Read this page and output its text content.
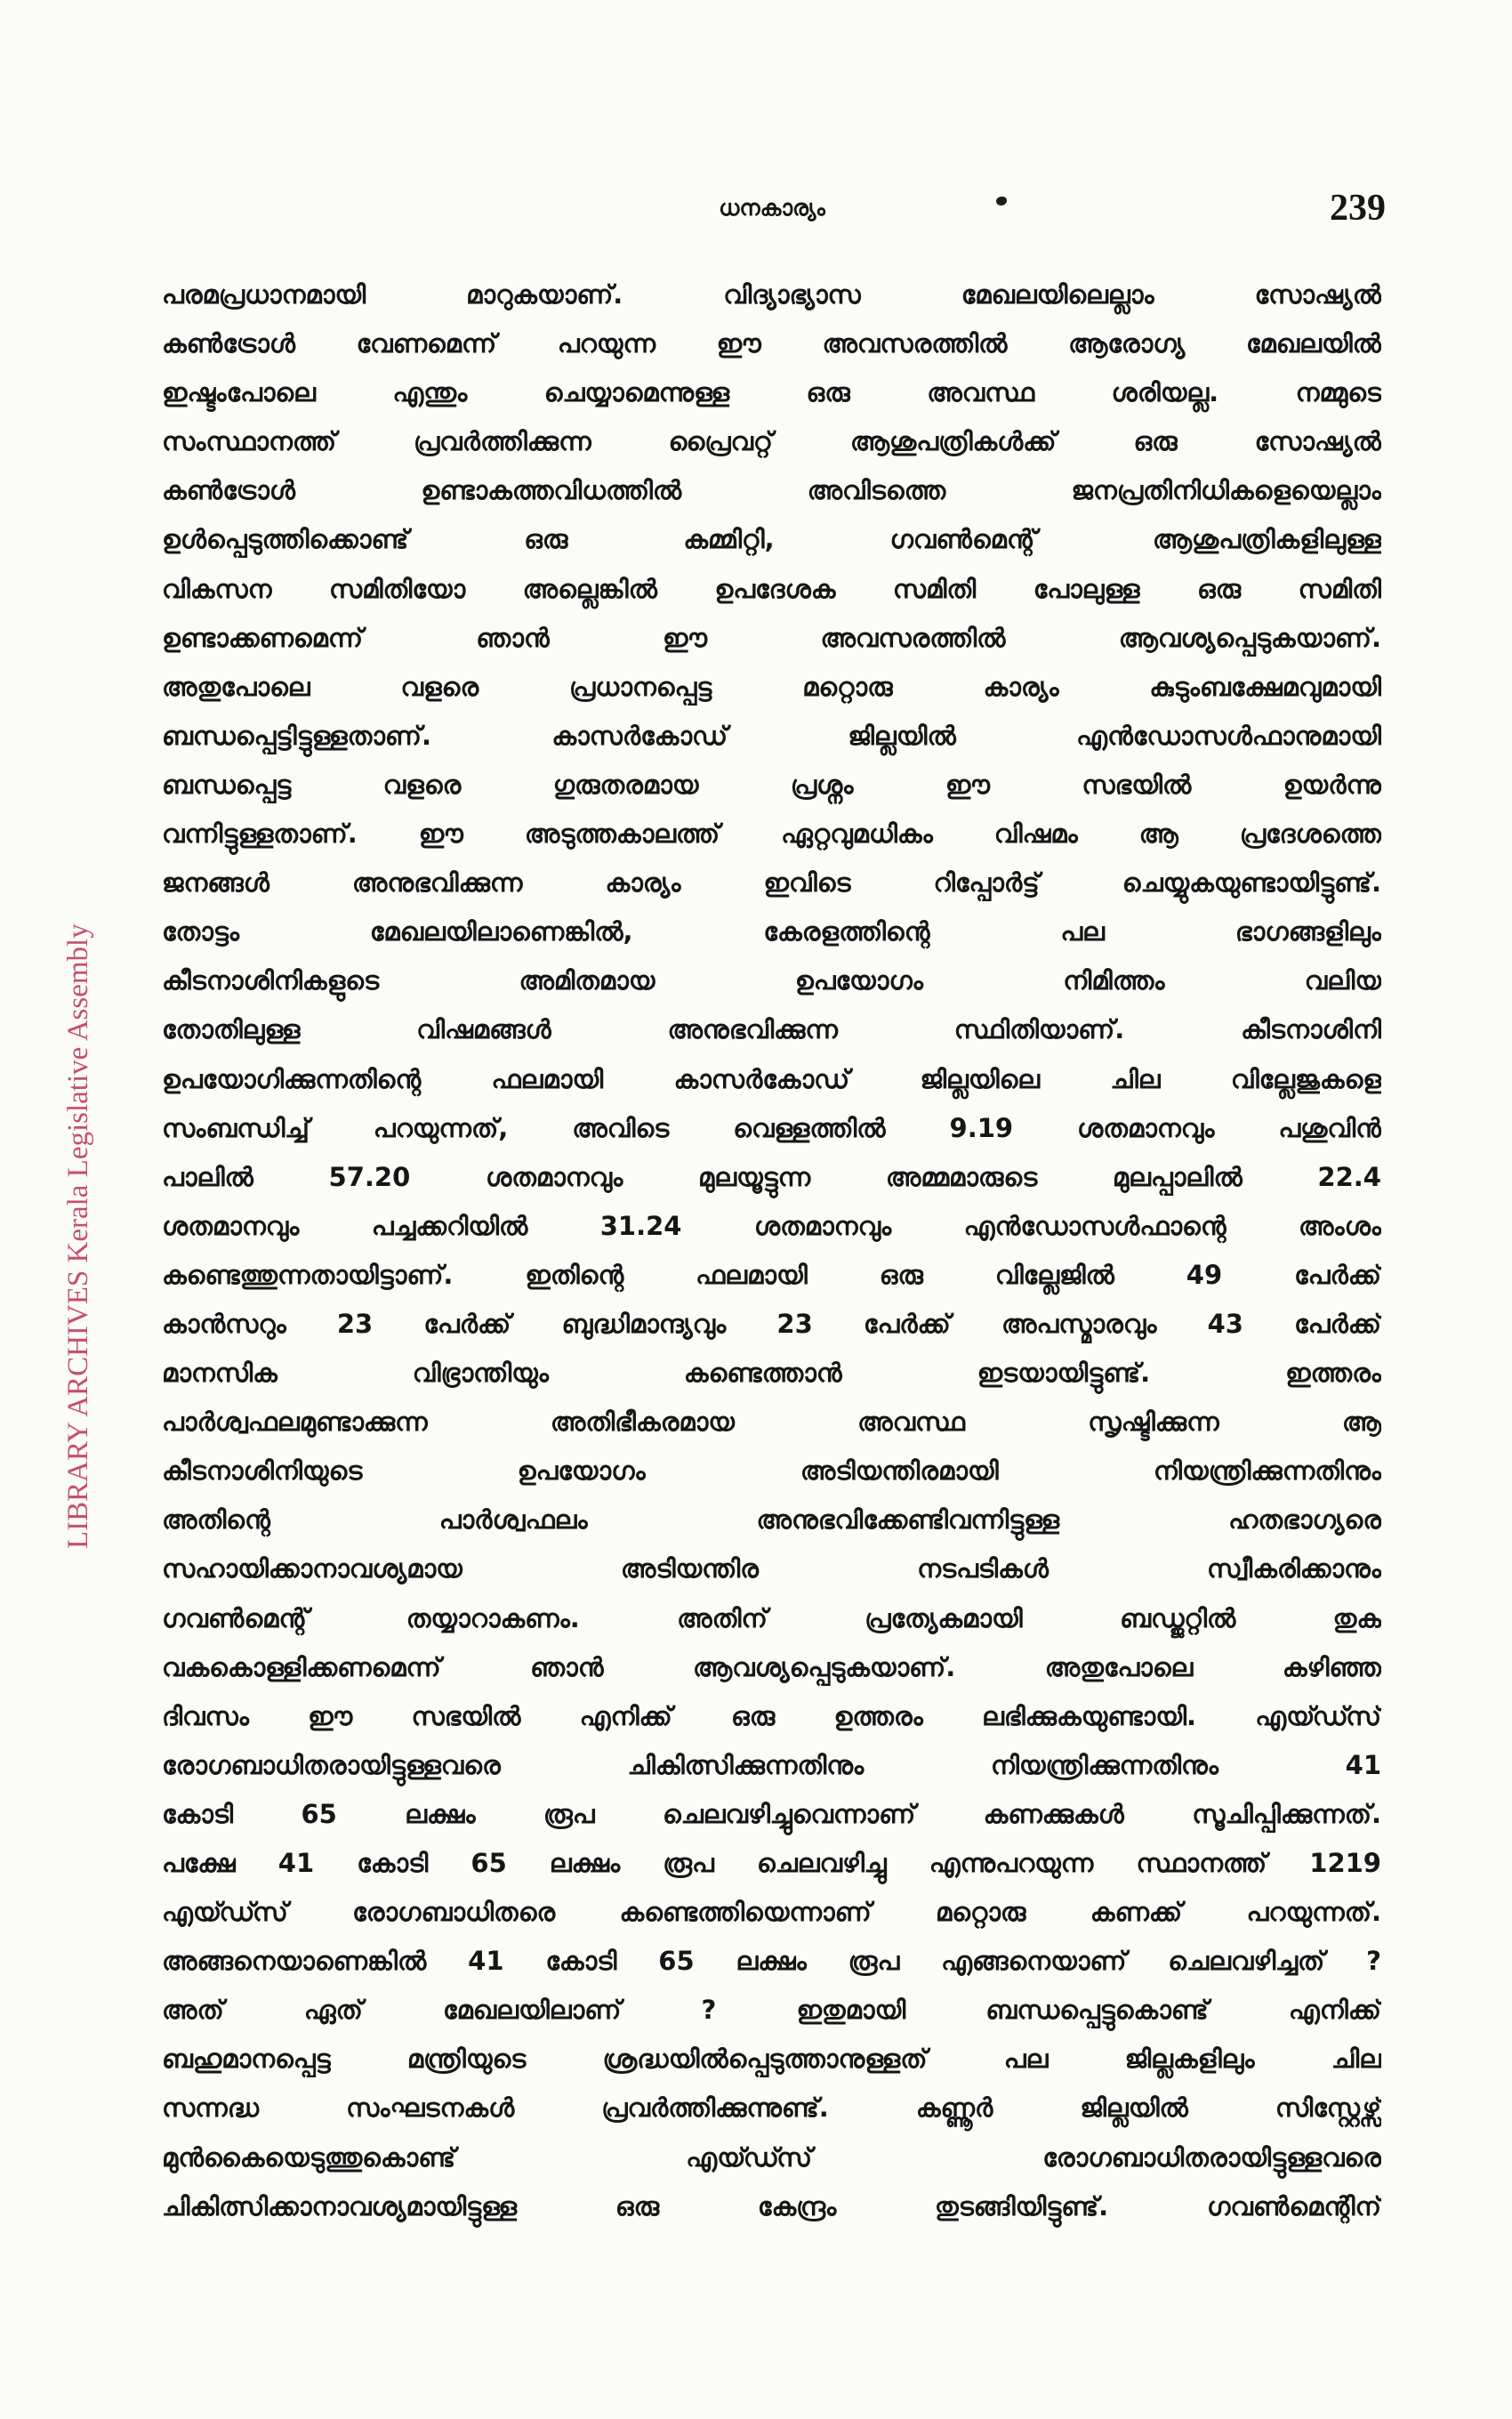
ധനകാര്യം	239
LIBRARY ARCHIVES Kerala Legislative Assembly
പരമപ്രധാനമായി മാറുകയാണ്. വിദ്യാഭ്യാസ മേഖലയിലെല്ലാം സോഷ്യൽ
കൺട്രോൾ വേണമെന്ന് പറയുന്ന ഈ അവസരത്തിൽ ആരോഗ്യ മേഖലയിൽ
ഇഷ്ടംപോലെ എന്തും ചെയ്യാമെന്നുള്ള ഒരു അവസ്ഥ ശരിയല്ല. നമ്മുടെ
സംസ്ഥാനത്ത് പ്രവർത്തിക്കുന്ന പ്രൈവറ്റ് ആശുപത്രികൾക്ക് ഒരു സോഷ്യൽ
കൺട്രോൾ ഉണ്ടാകത്തവിധത്തിൽ അവിടത്തെ ജനപ്രതിനിധികളെയെല്ലാം
ഉൾപ്പെടുത്തിക്കൊണ്ട് ഒരു കമ്മിറ്റി, ഗവൺമെന്റ് ആശുപത്രികളിലുള്ള
വികസന സമിതിയോ അല്ലെങ്കിൽ ഉപദേശക സമിതി പോലുള്ള ഒരു സമിതി
ഉണ്ടാക്കണമെന്ന് ഞാൻ ഈ അവസരത്തിൽ ആവശ്യപ്പെടുകയാണ്.
അതുപോലെ വളരെ പ്രധാനപ്പെട്ട മറ്റൊരു കാര്യം കുടുംബക്ഷേമവുമായി
ബന്ധപ്പെട്ടിട്ടുള്ളതാണ്. കാസർകോഡ് ജില്ലയിൽ എൻഡോസൾഫാനുമായി
ബന്ധപ്പെട്ട വളരെ ഗുരുതരമായ പ്രശ്നം ഈ സഭയിൽ ഉയർന്നു
വന്നിട്ടുള്ളതാണ്. ഈ അടുത്തകാലത്ത് ഏറ്റവുമധികം വിഷമം ആ പ്രദേശത്തെ
ജനങ്ങൾ അനുഭവിക്കുന്ന കാര്യം ഇവിടെ റിപ്പോർട്ട് ചെയ്യുകയുണ്ടായിട്ടുണ്ട്.
തോട്ടം മേഖലയിലാണെങ്കിൽ, കേരളത്തിന്റെ പല ഭാഗങ്ങളിലും
കീടനാശിനികളുടെ അമിതമായ ഉപയോഗം നിമിത്തം വലിയ
തോതിലുള്ള വിഷമങ്ങൾ അനുഭവിക്കുന്ന സ്ഥിതിയാണ്. കീടനാശിനി
ഉപയോഗിക്കുന്നതിന്റെ ഫലമായി കാസർകോഡ് ജില്ലയിലെ ചില വില്ലേജുകളെ
സംബന്ധിച്ച് പറയുന്നത്, അവിടെ വെള്ളത്തിൽ 9.19 ശതമാനവും പശുവിൻ
പാലിൽ 57.20 ശതമാനവും മുലയൂട്ടുന്ന അമ്മമാരുടെ മുലപ്പാലിൽ 22.4
ശതമാനവും പച്ചക്കറിയിൽ 31.24 ശതമാനവും എൻഡോസൾഫാന്റെ അംശം
കണ്ടെത്തുന്നതായിട്ടാണ്. ഇതിന്റെ ഫലമായി ഒരു വില്ലേജിൽ 49 പേർക്ക്
കാൻസറും 23 പേർക്ക് ബുദ്ധിമാന്ദ്യവും 23 പേർക്ക് അപസ്മാരവും 43 പേർക്ക്
മാനസിക വിഭ്രാന്തിയും കണ്ടെത്താൻ ഇടയായിട്ടുണ്ട്. ഇത്തരം
പാർശ്വഫലമുണ്ടാക്കുന്ന അതിഭീകരമായ അവസ്ഥ സൃഷ്ടിക്കുന്ന ആ
കീടനാശിനിയുടെ ഉപയോഗം അടിയന്തിരമായി നിയന്ത്രിക്കുന്നതിനും
അതിന്റെ പാർശ്വഫലം അനുഭവിക്കേണ്ടിവന്നിട്ടുള്ള ഹതഭാഗ്യരെ
സഹായിക്കാനാവശ്യമായ അടിയന്തിര നടപടികൾ സ്വീകരിക്കാനും
ഗവൺമെന്റ് തയ്യാറാകണം. അതിന് പ്രത്യേകമായി ബഡ്ജറ്റിൽ തുക
വകകൊള്ളിക്കണമെന്ന് ഞാൻ ആവശ്യപ്പെടുകയാണ്. അതുപോലെ കഴിഞ്ഞ
ദിവസം ഈ സഭയിൽ എനിക്ക് ഒരു ഉത്തരം ലഭിക്കുകയുണ്ടായി. എയ്ഡ്സ്
രോഗബാധിതരായിട്ടുള്ളവരെ ചികിത്സിക്കുന്നതിനും നിയന്ത്രിക്കുന്നതിനും 41
കോടി 65 ലക്ഷം രൂപ ചെലവഴിച്ചുവെന്നാണ് കണക്കുകൾ സൂചിപ്പിക്കുന്നത്.
പക്ഷേ 41 കോടി 65 ലക്ഷം രൂപ ചെലവഴിച്ചു എന്നുപറയുന്ന സ്ഥാനത്ത് 1219
എയ്ഡ്സ് രോഗബാധിതരെ കണ്ടെത്തിയെന്നാണ് മറ്റൊരു കണക്ക് പറയുന്നത്.
അങ്ങനെയാണെങ്കിൽ 41 കോടി 65 ലക്ഷം രൂപ എങ്ങനെയാണ് ചെലവഴിച്ചത് ?
അത് ഏത് മേഖലയിലാണ് ? ഇതുമായി ബന്ധപ്പെട്ടുകൊണ്ട് എനിക്ക്
ബഹുമാനപ്പെട്ട മന്ത്രിയുടെ ശ്രദ്ധയിൽപ്പെടുത്താനുള്ളത് പല ജില്ലകളിലും ചില
സന്നദ്ധ സംഘടനകൾ പ്രവർത്തിക്കുന്നുണ്ട്. കണ്ണൂർ ജില്ലയിൽ സിസ്റ്റേഴ്സ്
മുൻകൈയെടുത്തുകൊണ്ട് എയ്ഡ്സ് രോഗബാധിതരായിട്ടുള്ളവരെ
ചികിത്സിക്കാനാവശ്യമായിട്ടുള്ള ഒരു കേന്ദ്രം തുടങ്ങിയിട്ടുണ്ട്. ഗവൺമെന്റിന്
